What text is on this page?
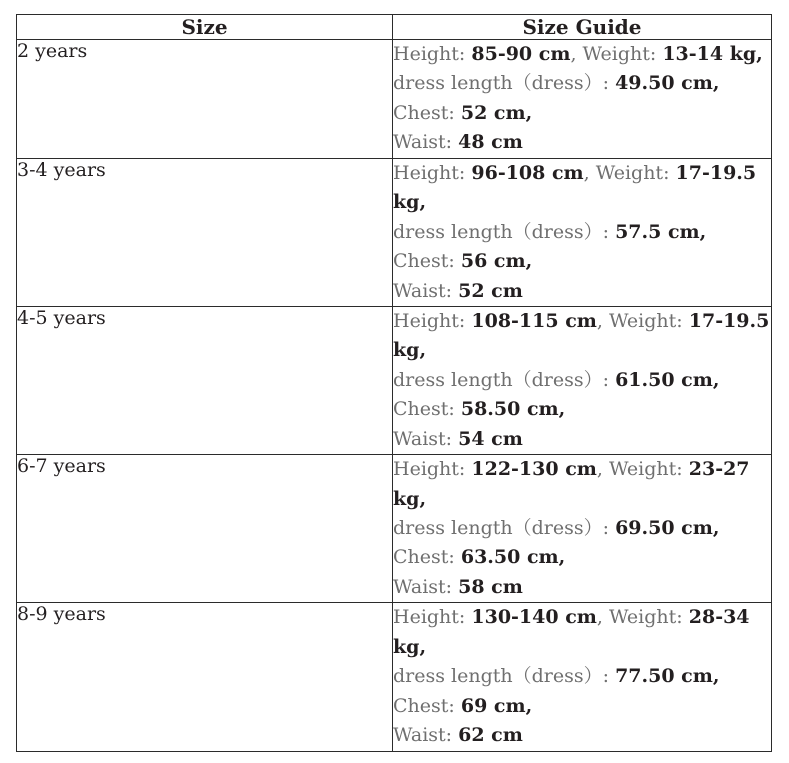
Size	Size Guide
2 years	Height: 85-90 cm, Weight: 13-14 kg,
dress length（dress）: 49.50 cm,
Chest: 52 cm,
Waist: 48 cm

3-4 years	Height: 96-108 cm, Weight: 17-19.5 kg,
dress length（dress）: 57.5 cm,
Chest: 56 cm,
Waist: 52 cm

4-5 years	Height: 108-115 cm, Weight: 17-19.5 kg,
dress length（dress）: 61.50 cm,
Chest: 58.50 cm,
Waist: 54 cm

6-7 years	Height: 122-130 cm, Weight: 23-27 kg,
dress length（dress）: 69.50 cm,
Chest: 63.50 cm,
Waist: 58 cm

8-9 years	Height: 130-140 cm, Weight: 28-34 kg,
dress length（dress）: 77.50 cm,
Chest: 69 cm,
Waist: 62 cm
